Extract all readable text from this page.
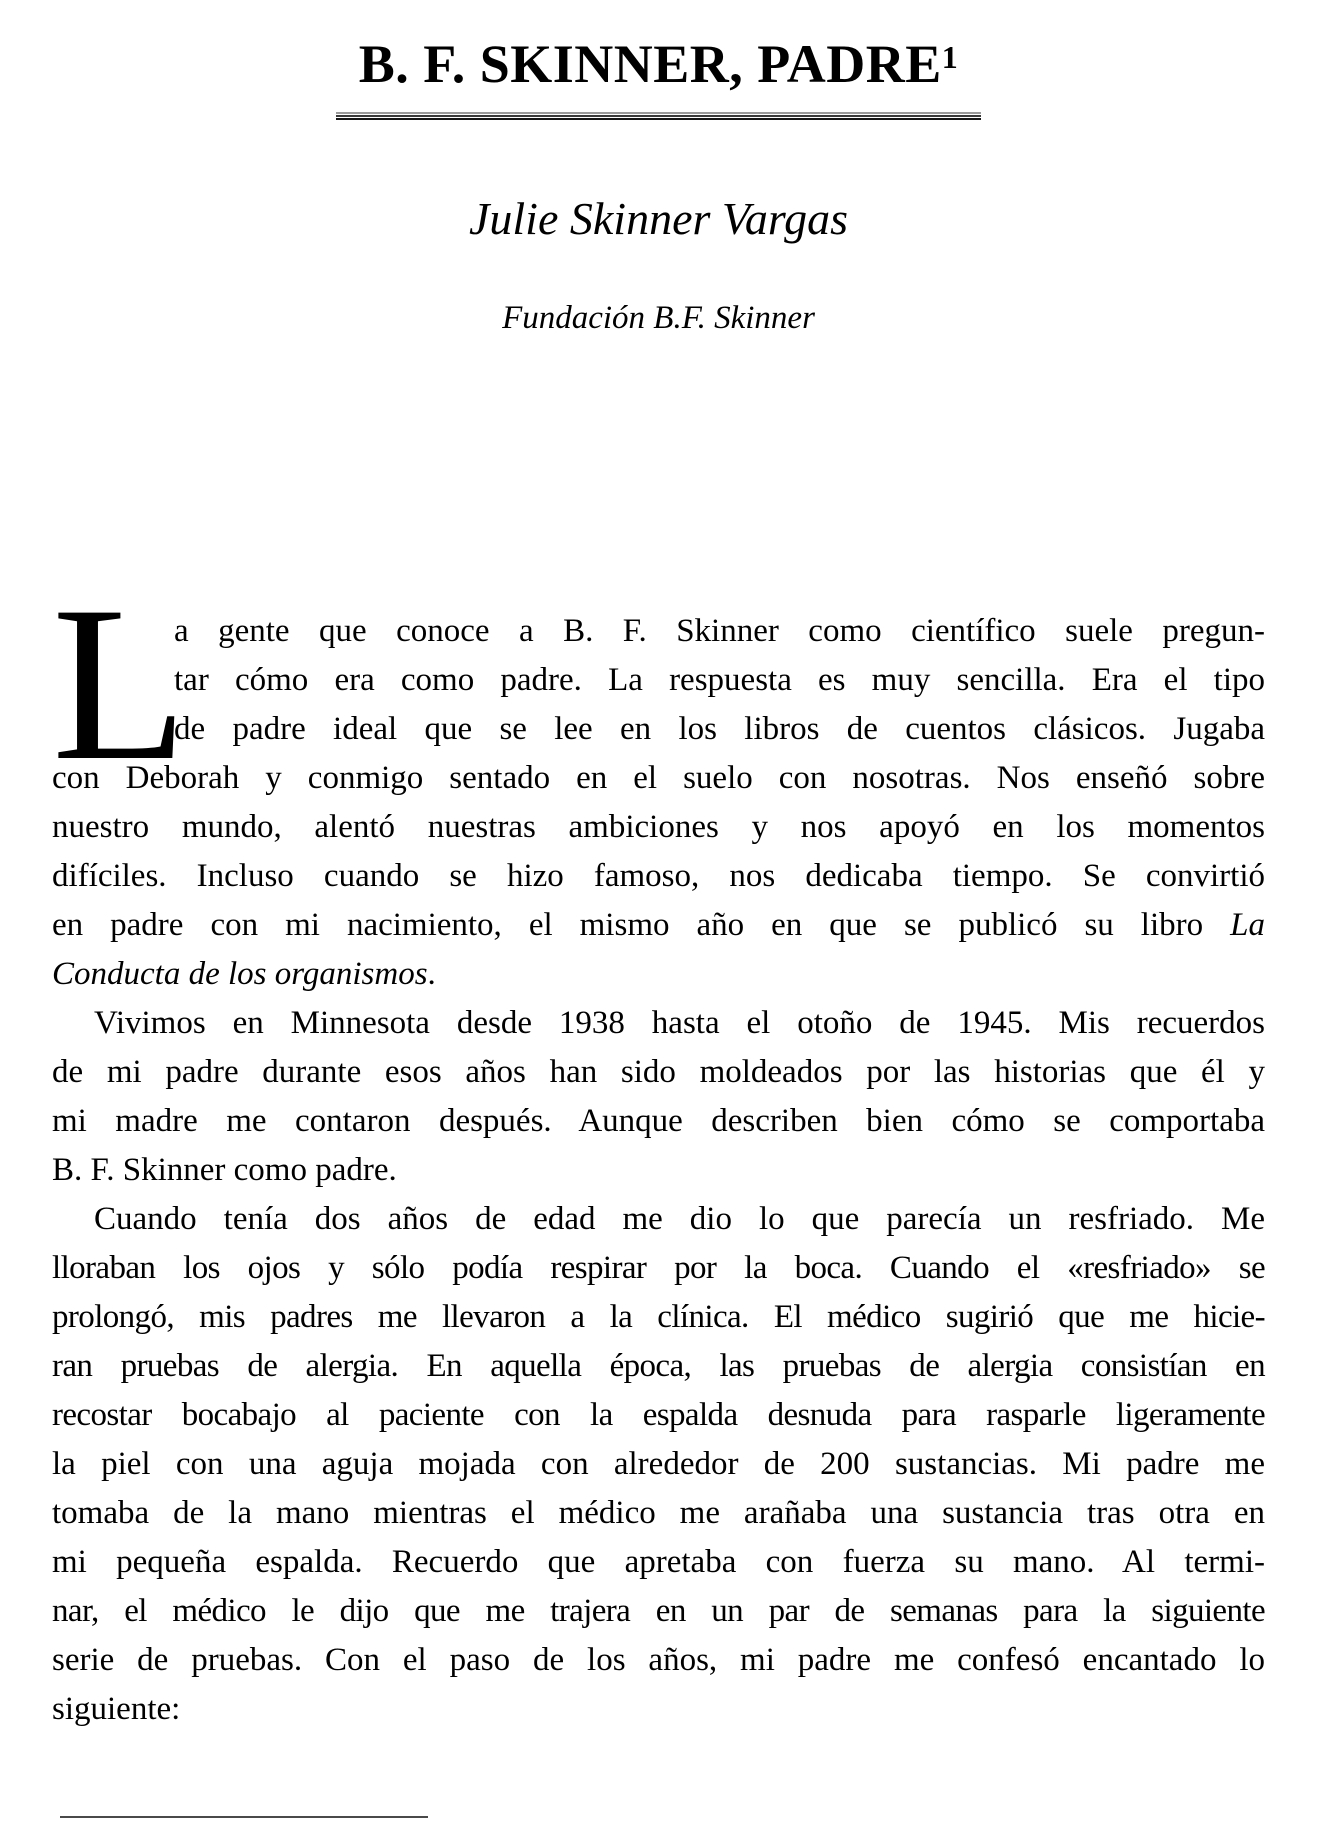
B. F. SKINNER, PADRE$^1$
Julie Skinner Vargas
Fundación B.F. Skinner
L
a gente que conoce a B. F. Skinner como científico suele pregun-
tar cómo era como padre. La respuesta es muy sencilla. Era el tipo
de padre ideal que se lee en los libros de cuentos clásicos. Jugaba
con Deborah y conmigo sentado en el suelo con nosotras. Nos enseñó sobre
nuestro mundo, alentó nuestras ambiciones y nos apoyó en los momentos
difíciles. Incluso cuando se hizo famoso, nos dedicaba tiempo. Se convirtió
en padre con mi nacimiento, el mismo año en que se publicó su libro La
Conducta de los organismos.
Vivimos en Minnesota desde 1938 hasta el otoño de 1945. Mis recuerdos
de mi padre durante esos años han sido moldeados por las historias que él y
mi madre me contaron después. Aunque describen bien cómo se comportaba
B. F. Skinner como padre.
Cuando tenía dos años de edad me dio lo que parecía un resfriado. Me
lloraban los ojos y sólo podía respirar por la boca. Cuando el «resfriado» se
prolongó, mis padres me llevaron a la clínica. El médico sugirió que me hicie-
ran pruebas de alergia. En aquella época, las pruebas de alergia consistían en
recostar bocabajo al paciente con la espalda desnuda para rasparle ligeramente
la piel con una aguja mojada con alrededor de 200 sustancias. Mi padre me
tomaba de la mano mientras el médico me arañaba una sustancia tras otra en
mi pequeña espalda. Recuerdo que apretaba con fuerza su mano. Al termi-
nar, el médico le dijo que me trajera en un par de semanas para la siguiente
serie de pruebas. Con el paso de los años, mi padre me confesó encantado lo
siguiente:
